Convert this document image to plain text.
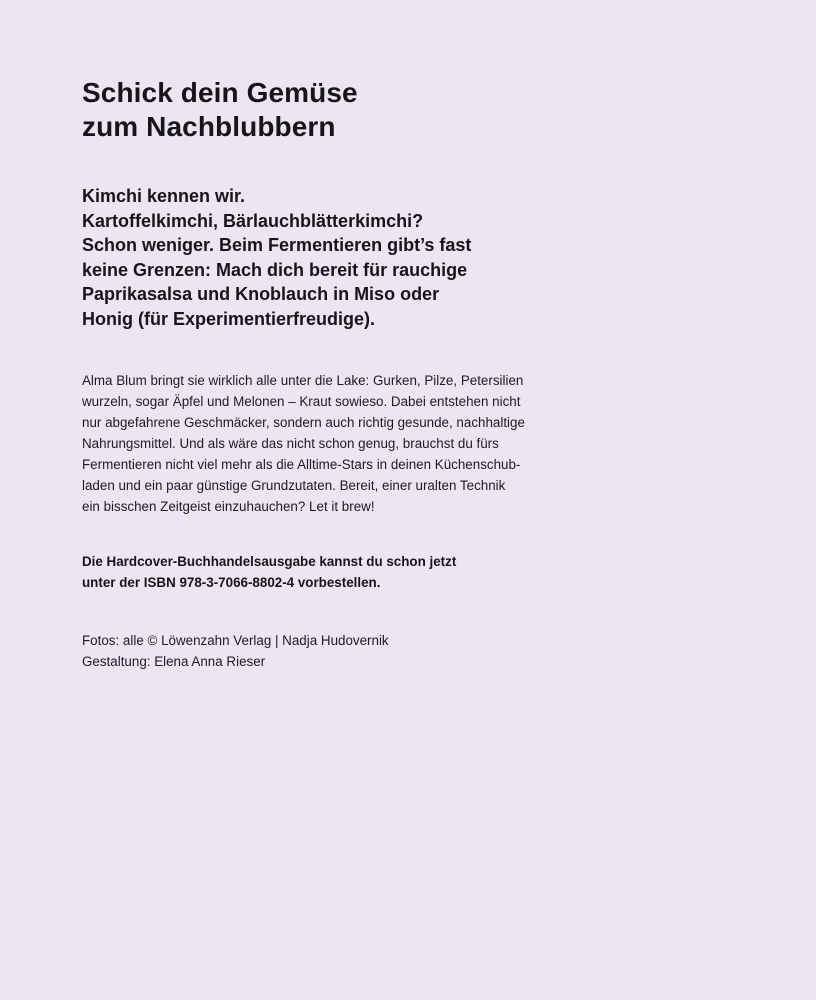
Schick dein Gemüse
zum Nachblubbern

Kimchi kennen wir.
Kartoffelkimchi, Bärlauchblätterkimchi?
Schon weniger. Beim Fermentieren gibt’s fast
keine Grenzen: Mach dich bereit für rauchige
Paprikasalsa und Knoblauch in Miso oder
Honig (für Experimentierfreudige).

Alma Blum bringt sie wirklich alle unter die Lake: Gurken, Pilze, Petersilien
wurzeln, sogar Äpfel und Melonen – Kraut sowieso. Dabei entstehen nicht
nur abgefahrene Geschmäcker, sondern auch richtig gesunde, nachhaltige
Nahrungsmittel. Und als wäre das nicht schon genug, brauchst du fürs
Fermentieren nicht viel mehr als die Alltime-Stars in deinen Küchenschub-
laden und ein paar günstige Grundzutaten. Bereit, einer uralten Technik
ein bisschen Zeitgeist einzuhauchen? Let it brew!

Die Hardcover-Buchhandelsausgabe kannst du schon jetzt
unter der ISBN 978-3-7066-8802-4 vorbestellen.

Fotos: alle © Löwenzahn Verlag | Nadja Hudovernik
Gestaltung: Elena Anna Rieser
